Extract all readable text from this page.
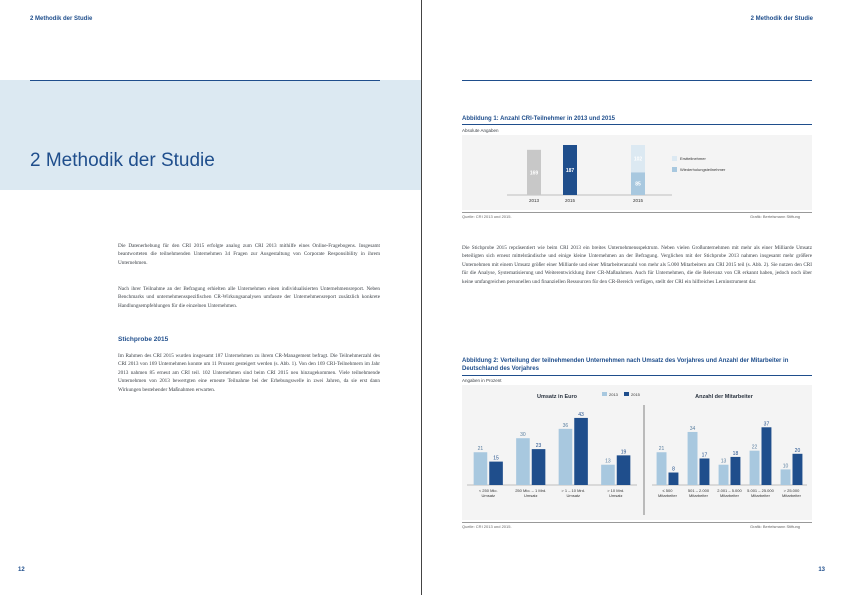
2 Methodik der Studie
2 Methodik der Studie
Die Datenerhebung für den CRI 2015 erfolgte analog zum CRI 2013 mithilfe eines Online-Fragebogens. Insgesamt beantworteten die teilnehmenden Unternehmen 34 Fragen zur Ausgestaltung von Corporate Responsibility in ihrem Unternehmen.
Nach ihrer Teilnahme an der Befragung erhielten alle Unternehmen einen individualisierten Unternehmensreport. Neben Benchmarks und unternehmensspezifischen CR-Wirkungsanalysen umfasste der Unternehmensreport zusätzlich konkrete Handlungsempfehlungen für die einzelnen Unternehmen.
Stichprobe 2015
Im Rahmen des CRI 2015 wurden insgesamt 187 Unternehmen zu ihrem CR-Management befragt. Die Teilnehmerzahl des CRI 2013 von 169 Unternehmen konnte um 11 Prozent gesteigert werden (s. Abb. 1). Von den 169 CRI-Teilnehmern im Jahr 2013 nahmen 85 erneut am CRI teil. 102 Unternehmen sind beim CRI 2015 neu hinzugekommen. Viele teilnehmende Unternehmen von 2013 bewertgten eine erneute Teilnahme bei der Erhebungswelle in zwei Jahren, da sie erst dann Wirkungen bestehender Maßnahmen erwarten.
12
2 Methodik der Studie
Abbildung 1: Anzahl CRI-Teilnehmer in 2013 und 2015
Absolute Angaben
169
2013
187
2015
85
102
2015
Erstteilnehmer
Wiederholungsteilnehmer
Quelle: CRI 2013 und 2015.	Grafik: Bertelsmann Stiftung
Die Stichprobe 2015 repräsentiert wie beim CRI 2013 ein breites Unternehmensspektrum. Neben vielen Großunternehmen mit mehr als einer Milliarde Umsatz beteiligten sich erneut mittelständische und einige kleine Unternehmen an der Befragung. Verglichen mit der Stichprobe 2013 nahmen insgesamt mehr größere Unternehmen mit einem Umsatz größer einer Milliarde und einer Mitarbeiteranzahl von mehr als 5.000 Mitarbeitern am CRI 2015 teil (s. Abb. 2). Sie nutzen den CRI für die Analyse, Systematisierung und Weiterentwicklung ihrer CR-Maßnahmen. Auch für Unternehmen, die die Relevanz von CR erkannt haben, jedoch noch über keine umfangreichen personellen und finanziellen Ressourcen für den CR-Bereich verfügen, stellt der CRI ein hilfreiches Lerninstrument dar.
Abbildung 2: Verteilung der teilnehmenden Unternehmen nach Umsatz des Vorjahres und Anzahl der Mitarbeiter in Deutschland des Vorjahres
Angaben in Prozent
2013	2015
Umsatz in Euro
21
15
< 250 Mio. Umsatz
30
23
250 Mio. – 1 Mrd. Umsatz
36
43
> 1 – 10 Mrd. Umsatz
13
19
> 10 Mrd. Umsatz
Anzahl der Mitarbeiter
21
8
≤ 500 Mitarbeiter
34
17
501 – 2.000 Mitarbeiter
13
18
2.001 – 5.000 Mitarbeiter
22
37
5.001 – 25.000 Mitarbeiter
10
20
> 25.000 Mitarbeiter
Quelle: CRI 2013 und 2015.	Grafik: Bertelsmann Stiftung
13
